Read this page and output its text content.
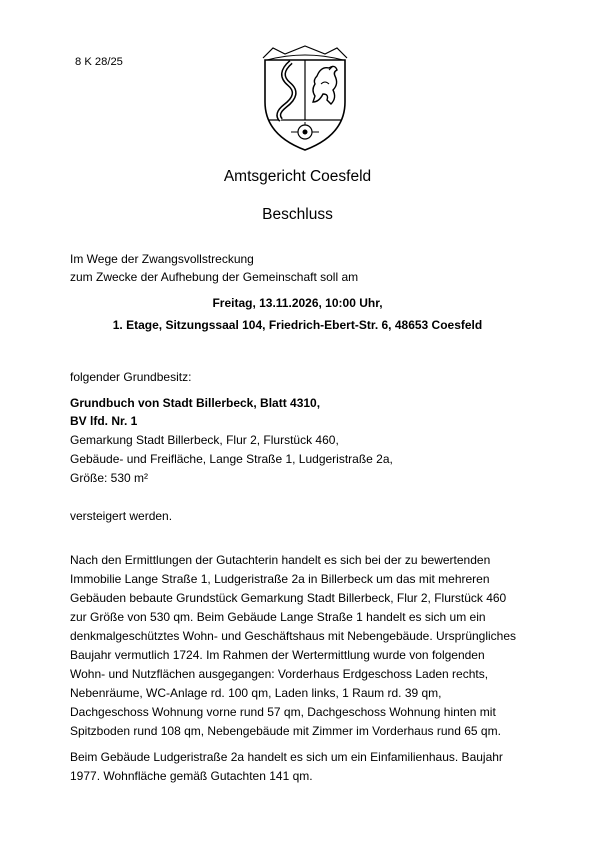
8 K 28/25
Amtsgericht Coesfeld
Beschluss
Im Wege der Zwangsvollstreckung
zum Zwecke der Aufhebung der Gemeinschaft soll am
Freitag, 13.11.2026, 10:00 Uhr,
1. Etage, Sitzungssaal 104, Friedrich-Ebert-Str. 6, 48653 Coesfeld
folgender Grundbesitz:
Grundbuch von Stadt Billerbeck, Blatt 4310,
BV lfd. Nr. 1
Gemarkung Stadt Billerbeck, Flur 2, Flurstück 460,
Gebäude- und Freifläche, Lange Straße 1, Ludgeristraße 2a,
Größe: 530 m²
versteigert werden.
Nach den Ermittlungen der Gutachterin handelt es sich bei der zu bewertenden
Immobilie Lange Straße 1, Ludgeristraße 2a in Billerbeck um das mit mehreren
Gebäuden bebaute Grundstück Gemarkung Stadt Billerbeck, Flur 2, Flurstück 460
zur Größe von 530 qm. Beim Gebäude Lange Straße 1 handelt es sich um ein
denkmalgeschütztes Wohn- und Geschäftshaus mit Nebengebäude. Ursprüngliches
Baujahr vermutlich 1724. Im Rahmen der Wertermittlung wurde von folgenden
Wohn- und Nutzflächen ausgegangen: Vorderhaus Erdgeschoss Laden rechts,
Nebenräume, WC-Anlage rd. 100 qm, Laden links, 1 Raum rd. 39 qm,
Dachgeschoss Wohnung vorne rund 57 qm, Dachgeschoss Wohnung hinten mit
Spitzboden rund 108 qm, Nebengebäude mit Zimmer im Vorderhaus rund 65 qm.
Beim Gebäude Ludgeristraße 2a handelt es sich um ein Einfamilienhaus. Baujahr
1977. Wohnfläche gemäß Gutachten 141 qm.
